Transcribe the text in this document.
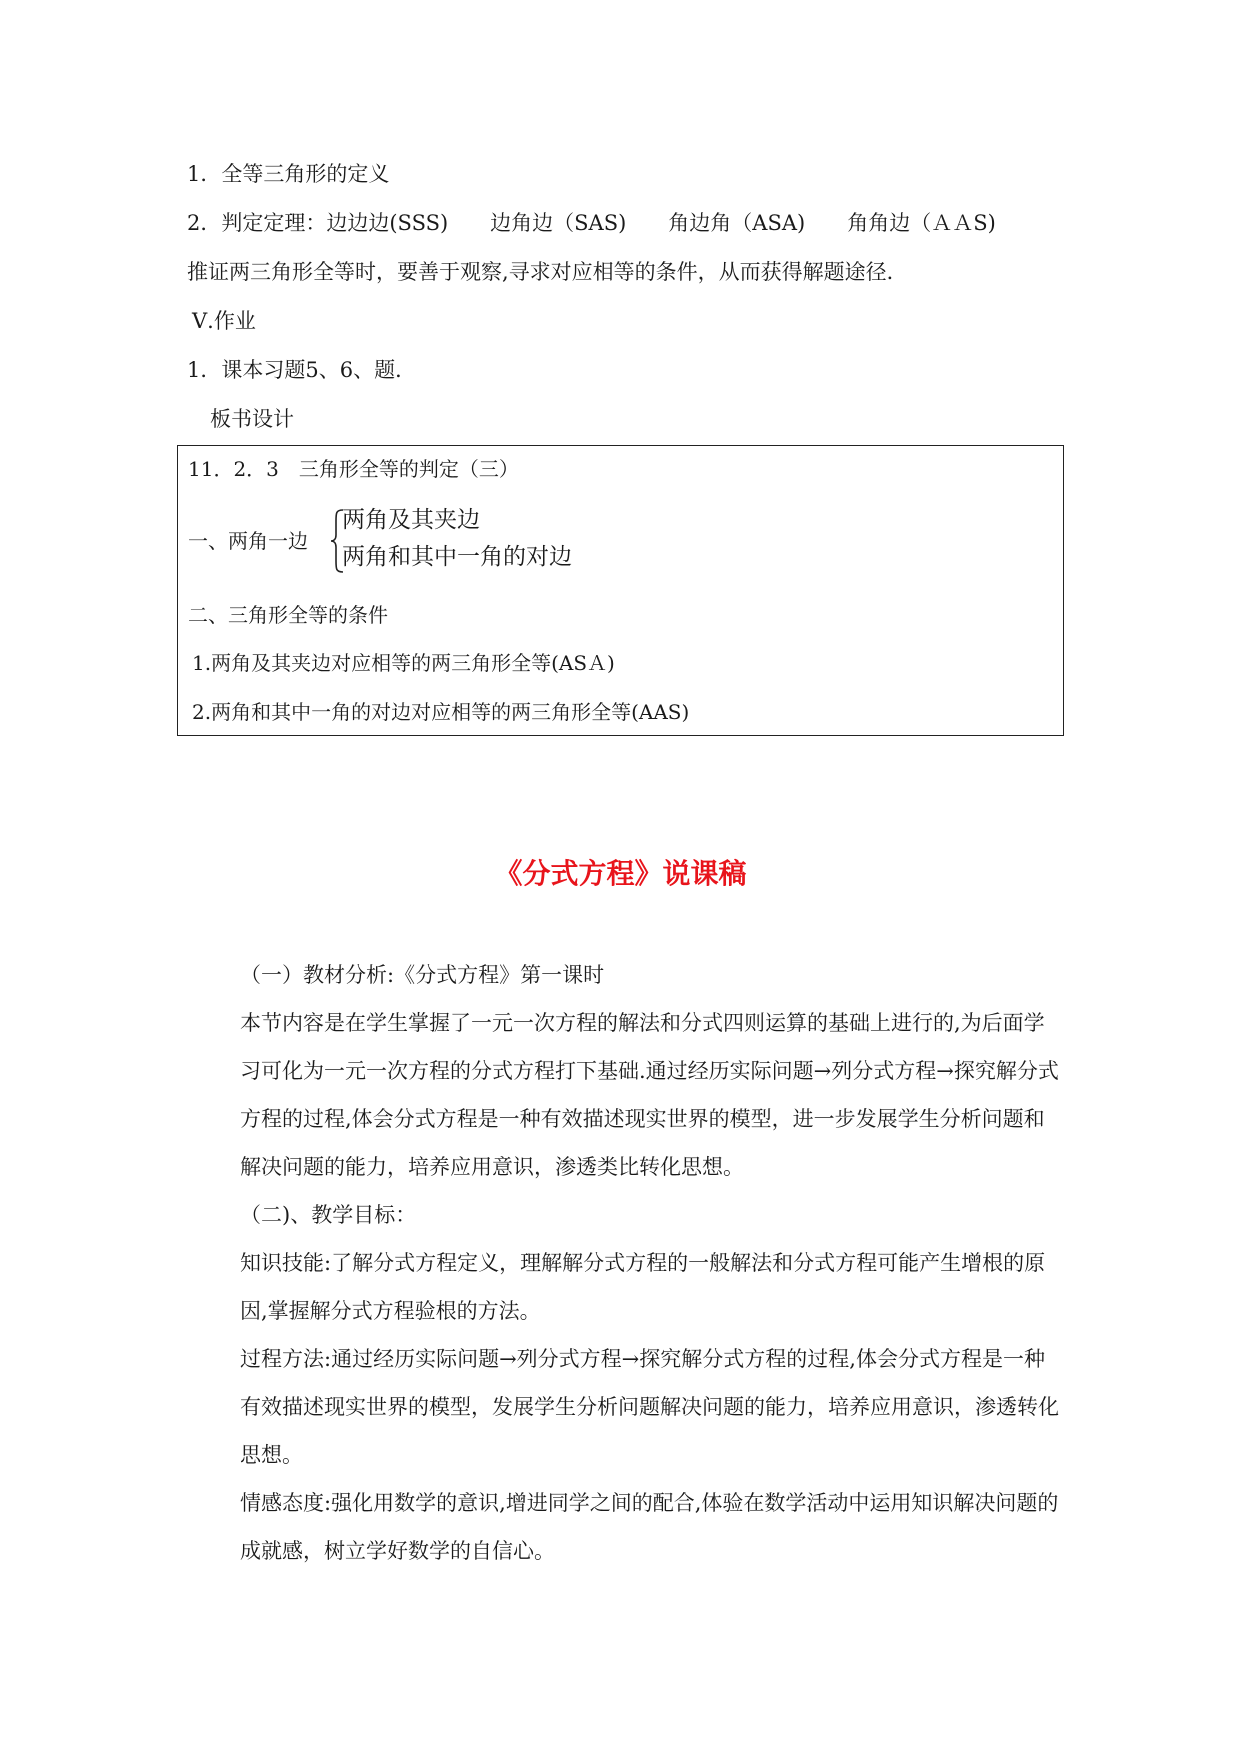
1．全等三角形的定义
2．判定定理：边边边(SSS)　　边角边（SAS)　　角边角（ASA)　　角角边（ＡＡS)
推证两三角形全等时，要善于观察,寻求对应相等的条件，从而获得解题途径．
Ⅴ.作业
1．课本习题5、6、题．
板书设计
11．2．3　三角形全等的判定（三）
一、两角一边
两角及其夹边
两角和其中一角的对边
二、三角形全等的条件
1.两角及其夹边对应相等的两三角形全等(ASＡ)
2.两角和其中一角的对边对应相等的两三角形全等(AAS)
《分式方程》说课稿

（一）教材分析:《分式方程》第一课时

本节内容是在学生掌握了一元一次方程的解法和分式四则运算的基础上进行的,为后面学习可化为一元一次方程的分式方程打下基础.通过经历实际问题→列分式方程→探究解分式方程的过程,体会分式方程是一种有效描述现实世界的模型，进一步发展学生分析问题和解决问题的能力，培养应用意识，渗透类比转化思想。

（二)、教学目标：

知识技能:了解分式方程定义，理解解分式方程的一般解法和分式方程可能产生增根的原因,掌握解分式方程验根的方法。

过程方法:通过经历实际问题→列分式方程→探究解分式方程的过程,体会分式方程是一种有效描述现实世界的模型，发展学生分析问题解决问题的能力，培养应用意识，渗透转化思想。

情感态度:强化用数学的意识,增进同学之间的配合,体验在数学活动中运用知识解决问题的成就感，树立学好数学的自信心。
